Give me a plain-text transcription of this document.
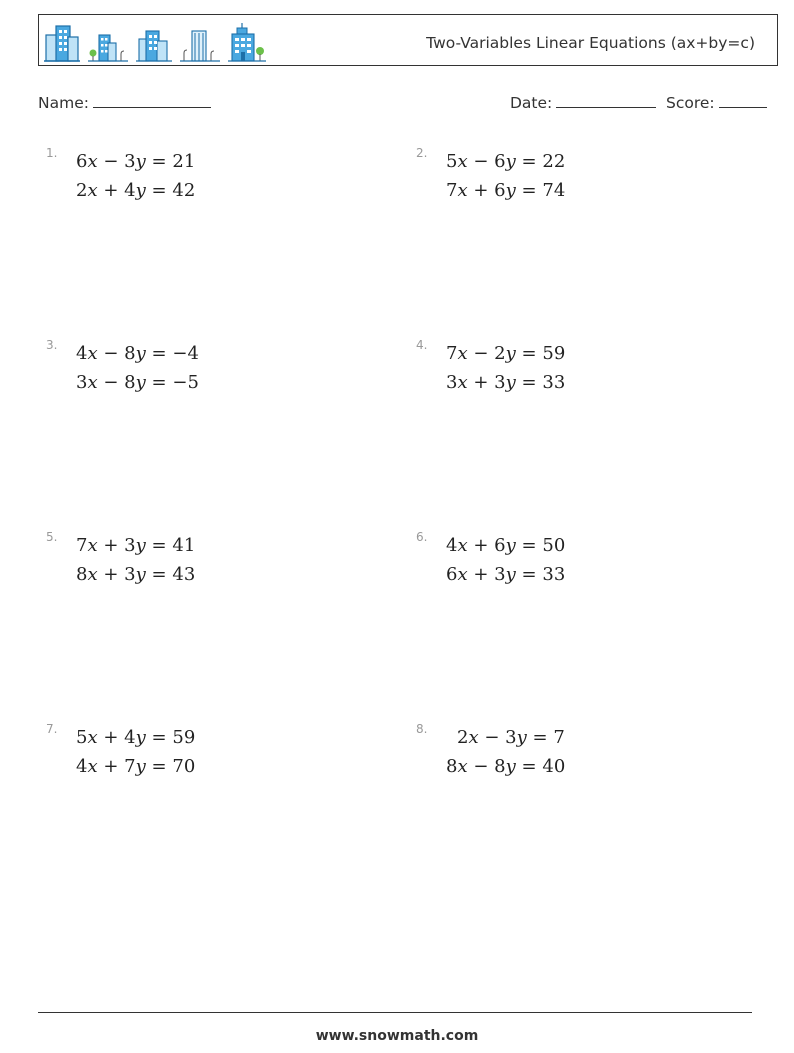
Two-Variables Linear Equations (ax+by=c)
Name:	Date:	Score:
1. 6x − 3y = 21
2x + 4y = 42
2. 5x − 6y = 22
7x + 6y = 74
3. 4x − 8y = −4
3x − 8y = −5
4. 7x − 2y = 59
3x + 3y = 33
5. 7x + 3y = 41
8x + 3y = 43
6. 4x + 6y = 50
6x + 3y = 33
7. 5x + 4y = 59
4x + 7y = 70
8. 2x − 3y = 7
8x − 8y = 40
www.snowmath.com
